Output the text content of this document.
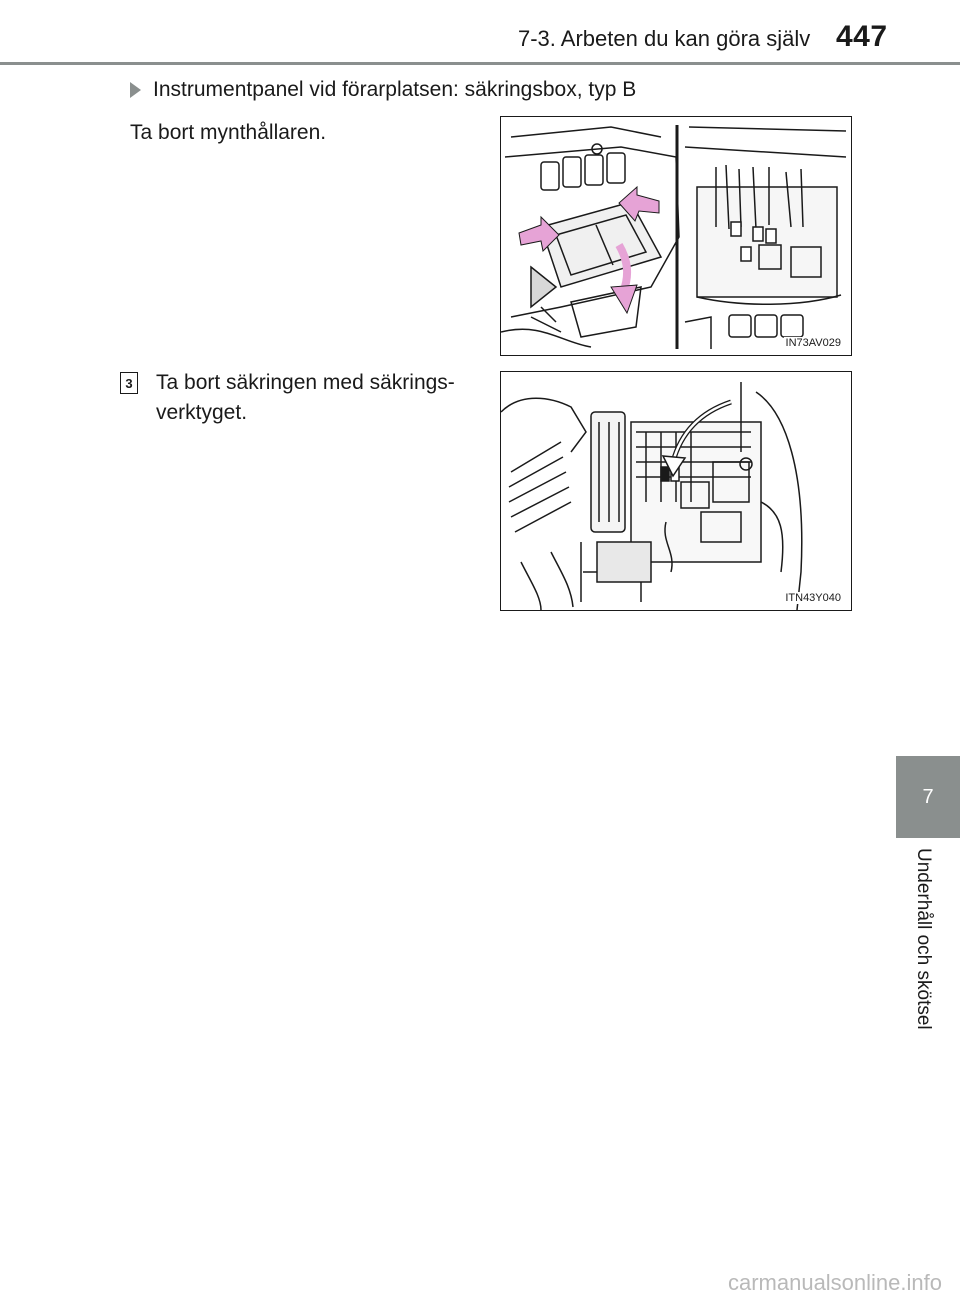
7-3. Arbeten du kan göra själv 447
Instrumentpanel vid förarplatsen: säkringsbox, typ B
Ta bort mynthållaren.
IN73AV029
3 Ta bort säkringen med säkrings-
verktyget.
ITN43Y040
7
Underhåll och skötsel
carmanualsonline.info
